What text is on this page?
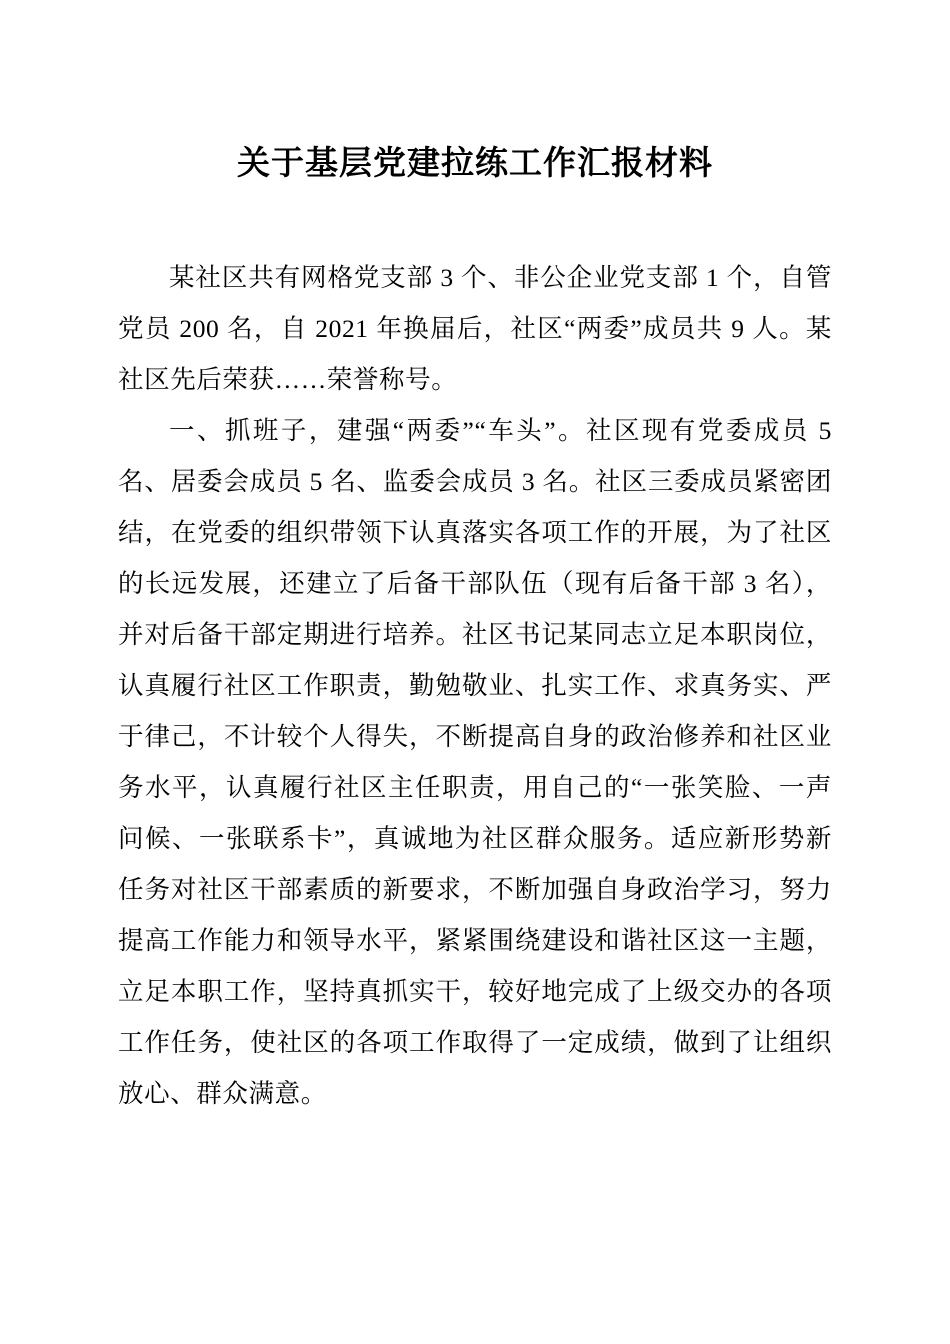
关于基层党建拉练工作汇报材料

某社区共有网格党支部 3 个、非公企业党支部 1 个，自管党员 200 名，自 2021 年换届后，社区“两委”成员共 9 人。某社区先后荣获……荣誉称号。

一、抓班子，建强“两委”“车头”。社区现有党委成员 5 名、居委会成员 5 名、监委会成员 3 名。社区三委成员紧密团结，在党委的组织带领下认真落实各项工作的开展，为了社区的长远发展，还建立了后备干部队伍（现有后备干部 3 名），并对后备干部定期进行培养。社区书记某同志立足本职岗位，认真履行社区工作职责，勤勉敬业、扎实工作、求真务实、严于律己，不计较个人得失，不断提高自身的政治修养和社区业务水平，认真履行社区主任职责，用自己的“一张笑脸、一声问候、一张联系卡”，真诚地为社区群众服务。适应新形势新任务对社区干部素质的新要求，不断加强自身政治学习，努力提高工作能力和领导水平，紧紧围绕建设和谐社区这一主题，立足本职工作，坚持真抓实干，较好地完成了上级交办的各项工作任务，使社区的各项工作取得了一定成绩，做到了让组织放心、群众满意。
